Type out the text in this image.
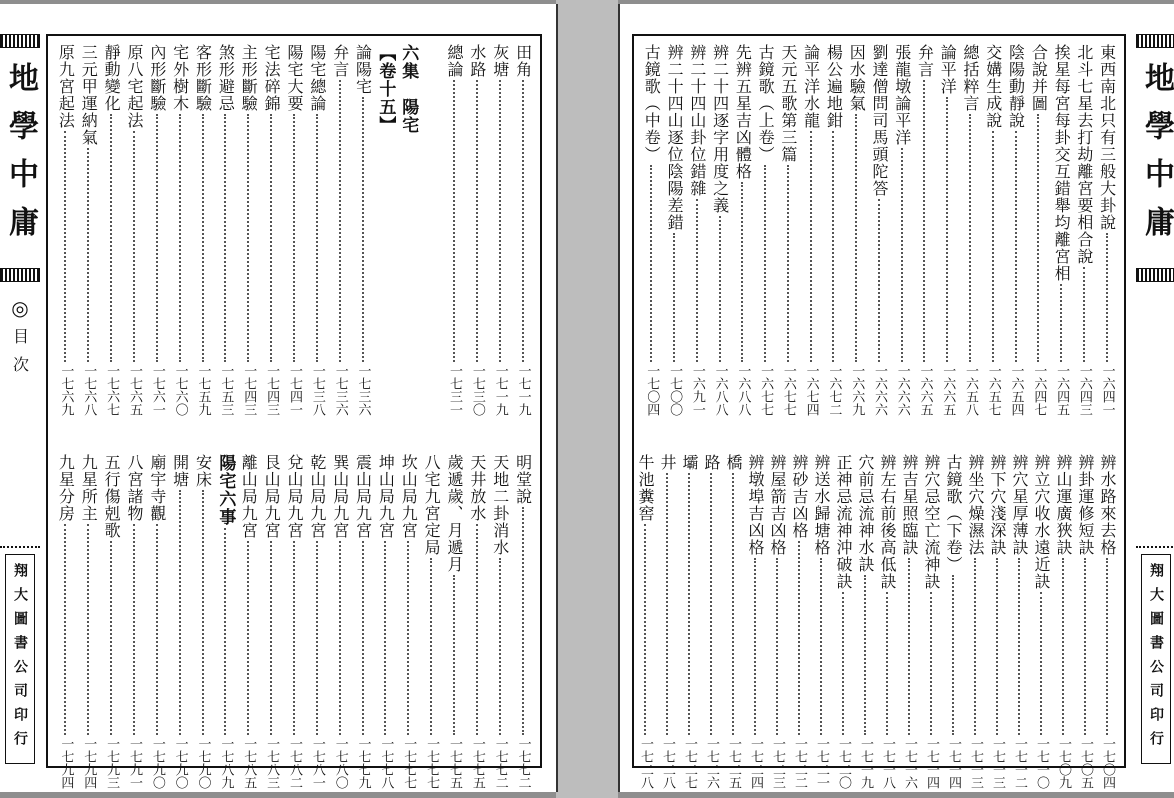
地學中庸
◎
目次
翔大圖書公司印行
田角
一七一九
灰塘
一七一九
水路
一七三〇
總論
一七三一
六集　陽宅
【卷十五】
論陽宅
一七三六
弁言
一七三六
陽宅總論
一七三八
陽宅大要
一七四一
宅法碎錦
一七四三
主形斷驗
一七四三
煞形避忌
一七五三
客形斷驗
一七五九
宅外樹木
一七六〇
內形斷驗
一七六一
原八宅起法
一七六五
靜動變化
一七六七
三元甲運納氣
一七六八
原九宮起法
一七六九
明堂說
一七七二
天地二卦消水
一七七二
天井放水
一七七五
歲遞歲、月遞月
一七七五
八宅九宮定局
一七七七
坎山局九宮
一七七七
坤山局九宮
一七七八
震山局九宮
一七七九
巽山局九宮
一七八〇
乾山局九宮
一七八一
兌山局九宮
一七八二
艮山局九宮
一七八三
離山局九宮
一七八五
陽宅六事
一七八九
安床
一七九〇
開塘
一七九〇
廟宇寺觀
一七九〇
八宮諸物
一七九一
五行傷剋歌
一七九三
九星所主
一七九四
九星分房
一七九四
東西南北只有三般大卦說
一六四一
北斗七星去打劫離宮要相合說
一六四三
挨星每宮每卦交互錯舉均離宮相
一六四五
合說并圖
一六四七
陰陽動靜說
一六五四
交媾生成說
一六五七
總括粹言
一六五八
論平洋
一六六五
弁言
一六六五
張龍墩論平洋
一六六六
劉達僧問司馬頭陀答
一六六六
因水驗氣
一六六九
楊公遍地鉗
一六七二
論平洋水龍
一六七四
天元五歌第三篇
一六七七
古鏡歌（上卷）
一六七七
先辨五星吉凶體格
一六八八
辨二十四逐字用度之義
一六八八
辨二十四山卦位錯雜
一六九一
辨二十四山逐位陰陽差錯
一七〇〇
古鏡歌（中卷）
一七〇四
辨水路來去格
一七〇四
辨卦運修短訣
一七〇五
辨山運廣狹訣
一七〇九
辨立穴收水遠近訣
一七一〇
辨穴星厚薄訣
一七一二
辨下穴淺深訣
一七一三
辨坐穴燥濕法
一七一三
古鏡歌（下卷）
一七一四
辨穴忌空亡流神訣
一七一四
辨吉星照臨訣
一七一六
辨左右前後高低訣
一七一八
穴前忌流神水訣
一七一九
正神忌流神沖破訣
一七二〇
辨送水歸塘格
一七二一
辨砂吉凶格
一七二二
辨屋箭吉凶格
一七二三
辨墩埠吉凶格
一七二四
橋
一七二五
路
一七二六
壩
一七二七
井
一七二八
牛池糞窖
一七二八
地學中庸
翔大圖書公司印行
